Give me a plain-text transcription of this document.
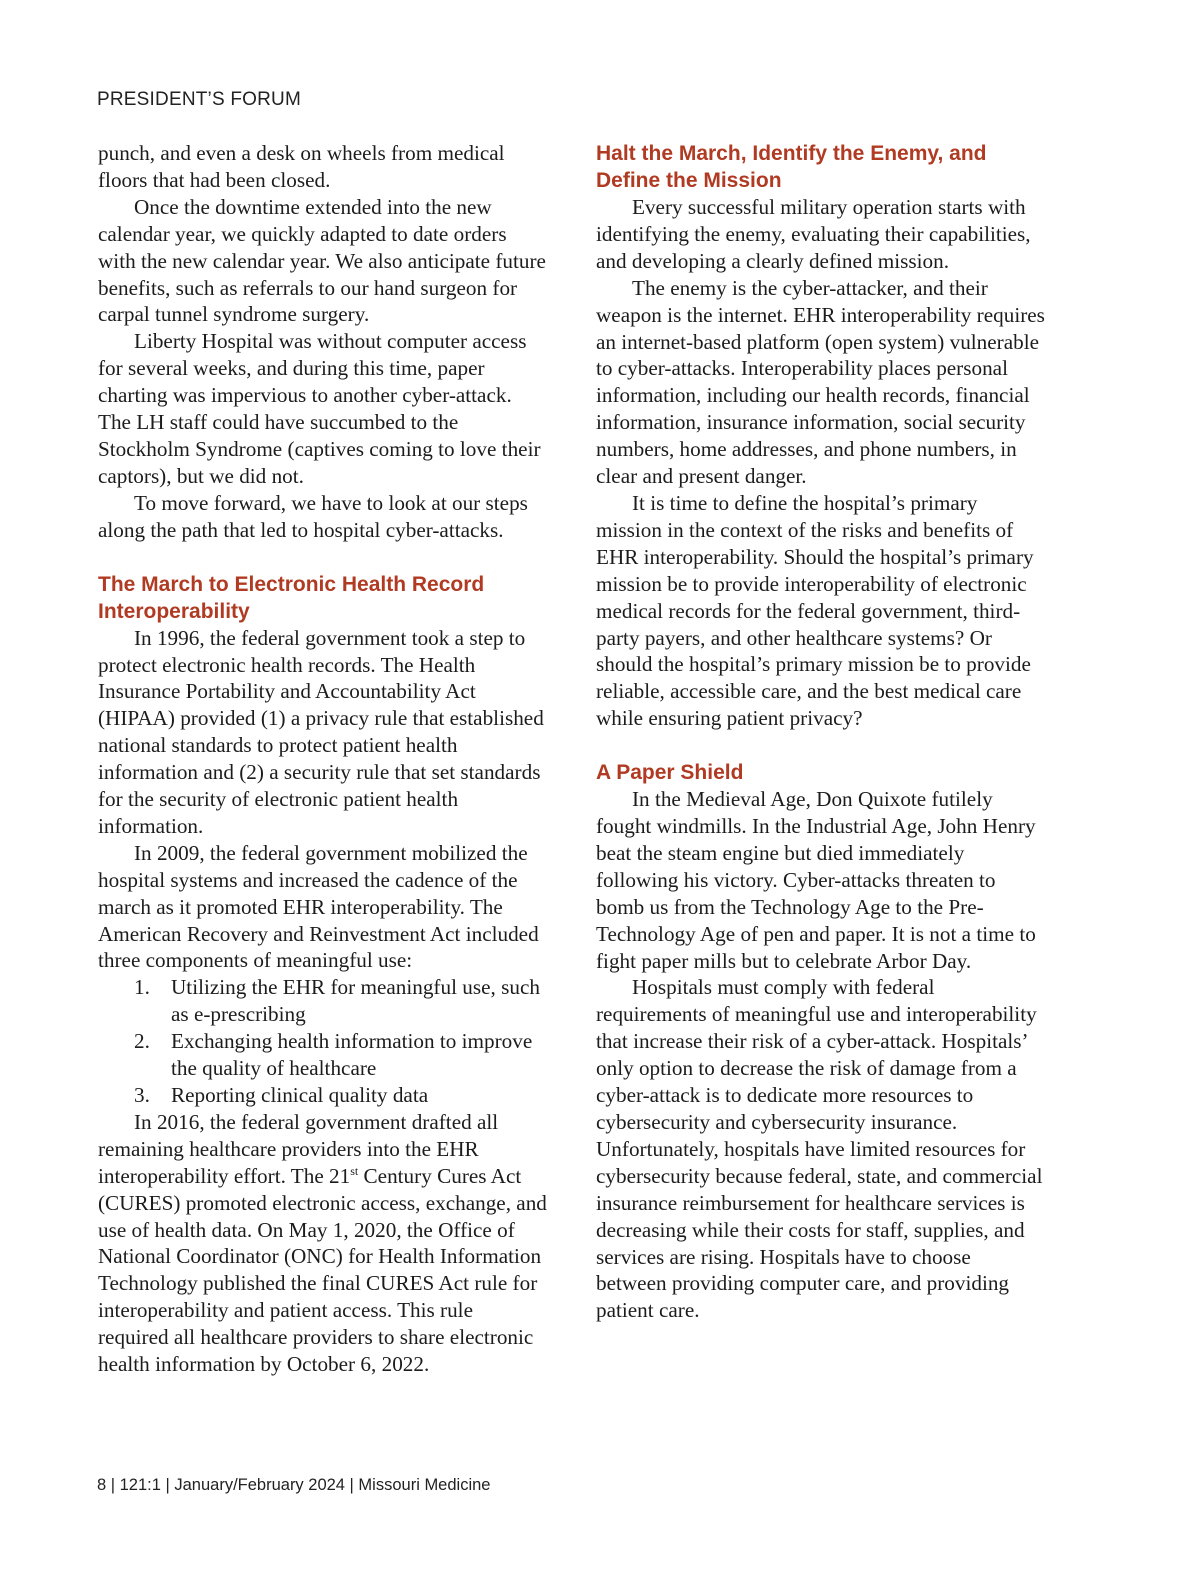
PRESIDENT’S FORUM

punch, and even a desk on wheels from medical floors that had been closed.

Once the downtime extended into the new calendar year, we quickly adapted to date orders with the new calendar year. We also anticipate future benefits, such as referrals to our hand surgeon for carpal tunnel syndrome surgery.

Liberty Hospital was without computer access for several weeks, and during this time, paper charting was impervious to another cyber-attack. The LH staff could have succumbed to the Stockholm Syndrome (captives coming to love their captors), but we did not.

To move forward, we have to look at our steps along the path that led to hospital cyber-attacks.

The March to Electronic Health Record Interoperability

In 1996, the federal government took a step to protect electronic health records. The Health Insurance Portability and Accountability Act (HIPAA) provided (1) a privacy rule that established national standards to protect patient health information and (2) a security rule that set standards for the security of electronic patient health information.

In 2009, the federal government mobilized the hospital systems and increased the cadence of the march as it promoted EHR interoperability. The American Recovery and Reinvestment Act included three components of meaningful use:

1. Utilizing the EHR for meaningful use, such as e-prescribing
2. Exchanging health information to improve the quality of healthcare
3. Reporting clinical quality data

In 2016, the federal government drafted all remaining healthcare providers into the EHR interoperability effort. The 21st Century Cures Act (CURES) promoted electronic access, exchange, and use of health data. On May 1, 2020, the Office of National Coordinator (ONC) for Health Information Technology published the final CURES Act rule for interoperability and patient access. This rule required all healthcare providers to share electronic health information by October 6, 2022.

Halt the March, Identify the Enemy, and Define the Mission

Every successful military operation starts with identifying the enemy, evaluating their capabilities, and developing a clearly defined mission.

The enemy is the cyber-attacker, and their weapon is the internet. EHR interoperability requires an internet-based platform (open system) vulnerable to cyber-attacks. Interoperability places personal information, including our health records, financial information, insurance information, social security numbers, home addresses, and phone numbers, in clear and present danger.

It is time to define the hospital’s primary mission in the context of the risks and benefits of EHR interoperability. Should the hospital’s primary mission be to provide interoperability of electronic medical records for the federal government, third-party payers, and other healthcare systems? Or should the hospital’s primary mission be to provide reliable, accessible care, and the best medical care while ensuring patient privacy?

A Paper Shield

In the Medieval Age, Don Quixote futilely fought windmills. In the Industrial Age, John Henry beat the steam engine but died immediately following his victory. Cyber-attacks threaten to bomb us from the Technology Age to the Pre-Technology Age of pen and paper. It is not a time to fight paper mills but to celebrate Arbor Day.

Hospitals must comply with federal requirements of meaningful use and interoperability that increase their risk of a cyber-attack. Hospitals’ only option to decrease the risk of damage from a cyber-attack is to dedicate more resources to cybersecurity and cybersecurity insurance. Unfortunately, hospitals have limited resources for cybersecurity because federal, state, and commercial insurance reimbursement for healthcare services is decreasing while their costs for staff, supplies, and services are rising. Hospitals have to choose between providing computer care, and providing patient care.

8 | 121:1 | January/February 2024 | Missouri Medicine
